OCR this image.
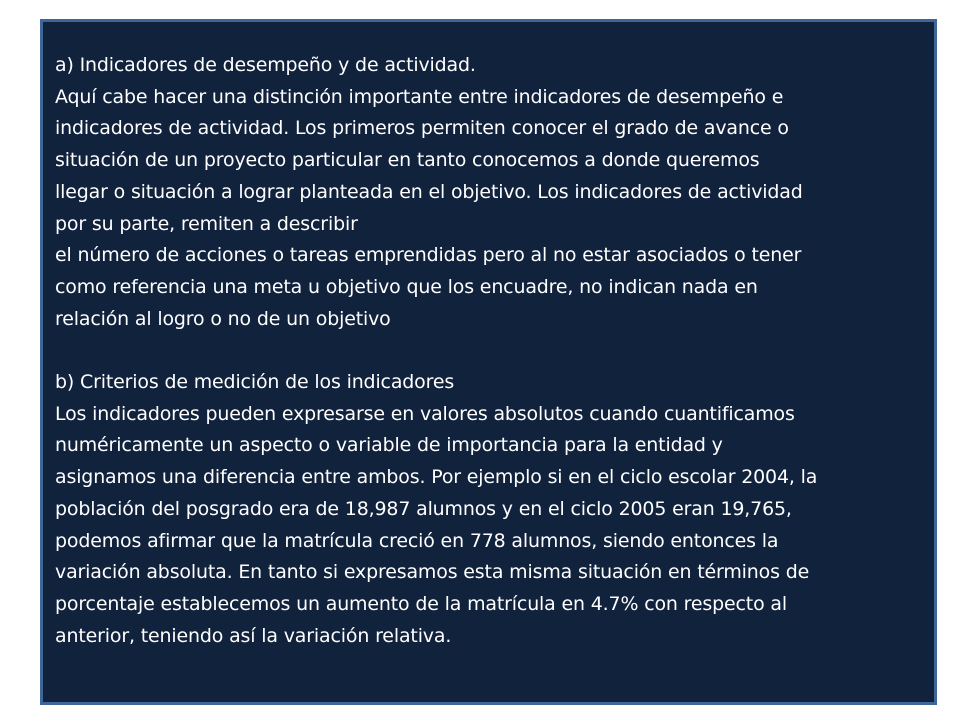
a) Indicadores de desempeño y de actividad.
Aquí cabe hacer una distinción importante entre indicadores de desempeño e
indicadores de actividad. Los primeros permiten conocer el grado de avance o
situación de un proyecto particular en tanto conocemos a donde queremos
llegar o situación a lograr planteada en el objetivo. Los indicadores de actividad
por su parte, remiten a describir
el número de acciones o tareas emprendidas pero al no estar asociados o tener
como referencia una meta u objetivo que los encuadre, no indican nada en
relación al logro o no de un objetivo
b) Criterios de medición de los indicadores
Los indicadores pueden expresarse en valores absolutos cuando cuantificamos
numéricamente un aspecto o variable de importancia para la entidad y
asignamos una diferencia entre ambos. Por ejemplo si en el ciclo escolar 2004, la
población del posgrado era de 18,987 alumnos y en el ciclo 2005 eran 19,765,
podemos afirmar que la matrícula creció en 778 alumnos, siendo entonces la
variación absoluta. En tanto si expresamos esta misma situación en términos de
porcentaje establecemos un aumento de la matrícula en 4.7% con respecto al
anterior, teniendo así la variación relativa.
